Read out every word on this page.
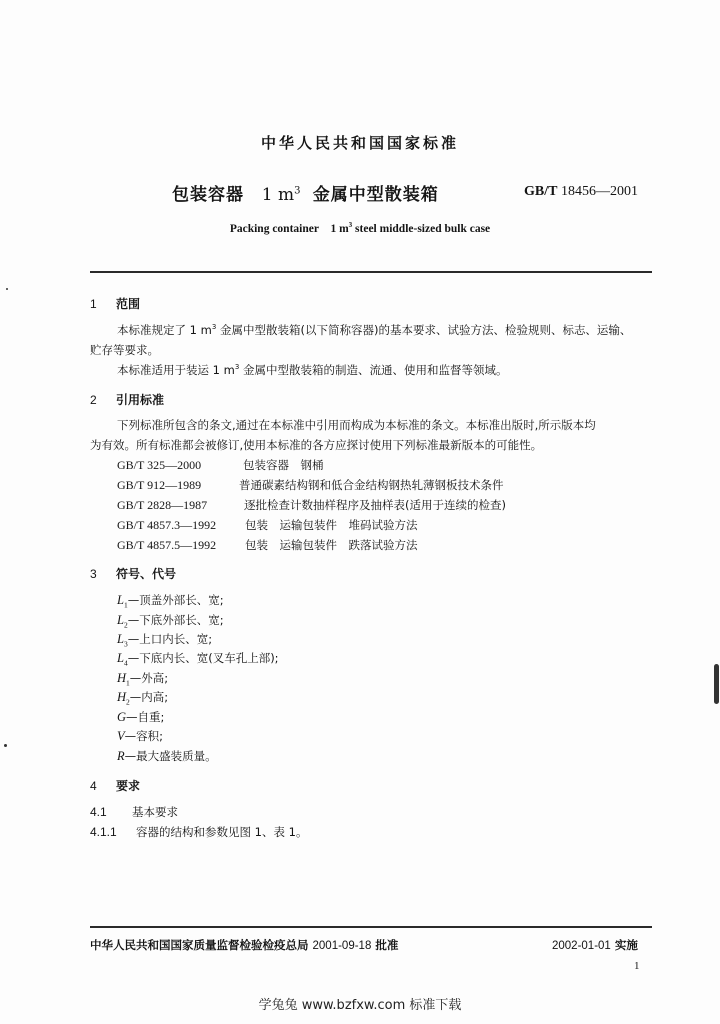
中华人民共和国国家标准
包装容器 1 $m^3$ 金属中型散装箱	GB/T 18456—2001
Packing container 1 $m^3$ steel middle-sized bulk case
1 范围
本标准规定了 1 $m^3$ 金属中型散装箱(以下简称容器)的基本要求、试验方法、检验规则、标志、运输、
贮存等要求。
本标准适用于装运 1 $m^3$ 金属中型散装箱的制造、流通、使用和监督等领域。
2 引用标准
下列标准所包含的条文,通过在本标准中引用而构成为本标准的条文。本标准出版时,所示版本均
为有效。所有标准都会被修订,使用本标准的各方应探讨使用下列标准最新版本的可能性。
GB/T 325—2000	包装容器　钢桶
GB/T 912—1989	普通碳素结构钢和低合金结构钢热轧薄钢板技术条件
GB/T 2828—1987	逐批检查计数抽样程序及抽样表(适用于连续的检查)
GB/T 4857.3—1992	包装　运输包装件　堆码试验方法
GB/T 4857.5—1992	包装　运输包装件　跌落试验方法
3 符号、代号
$L_1—$顶盖外部长、宽;
$L_2—$下底外部长、宽;
$L_3—$上口内长、宽;
$L_4—$下底内长、宽(叉车孔上部);
$H_1—$外高;
$H_2—$内高;
G—自重;
V—容积;
R—最大盛装质量。
4 要求
4.1 基本要求
4.1.1 容器的结构和参数见图 1、表 1。
中华人民共和国国家质量监督检验检疫总局 2001-09-18 批准	2002-01-01 实施
1
学兔兔 www.bzfxw.com 标准下载
